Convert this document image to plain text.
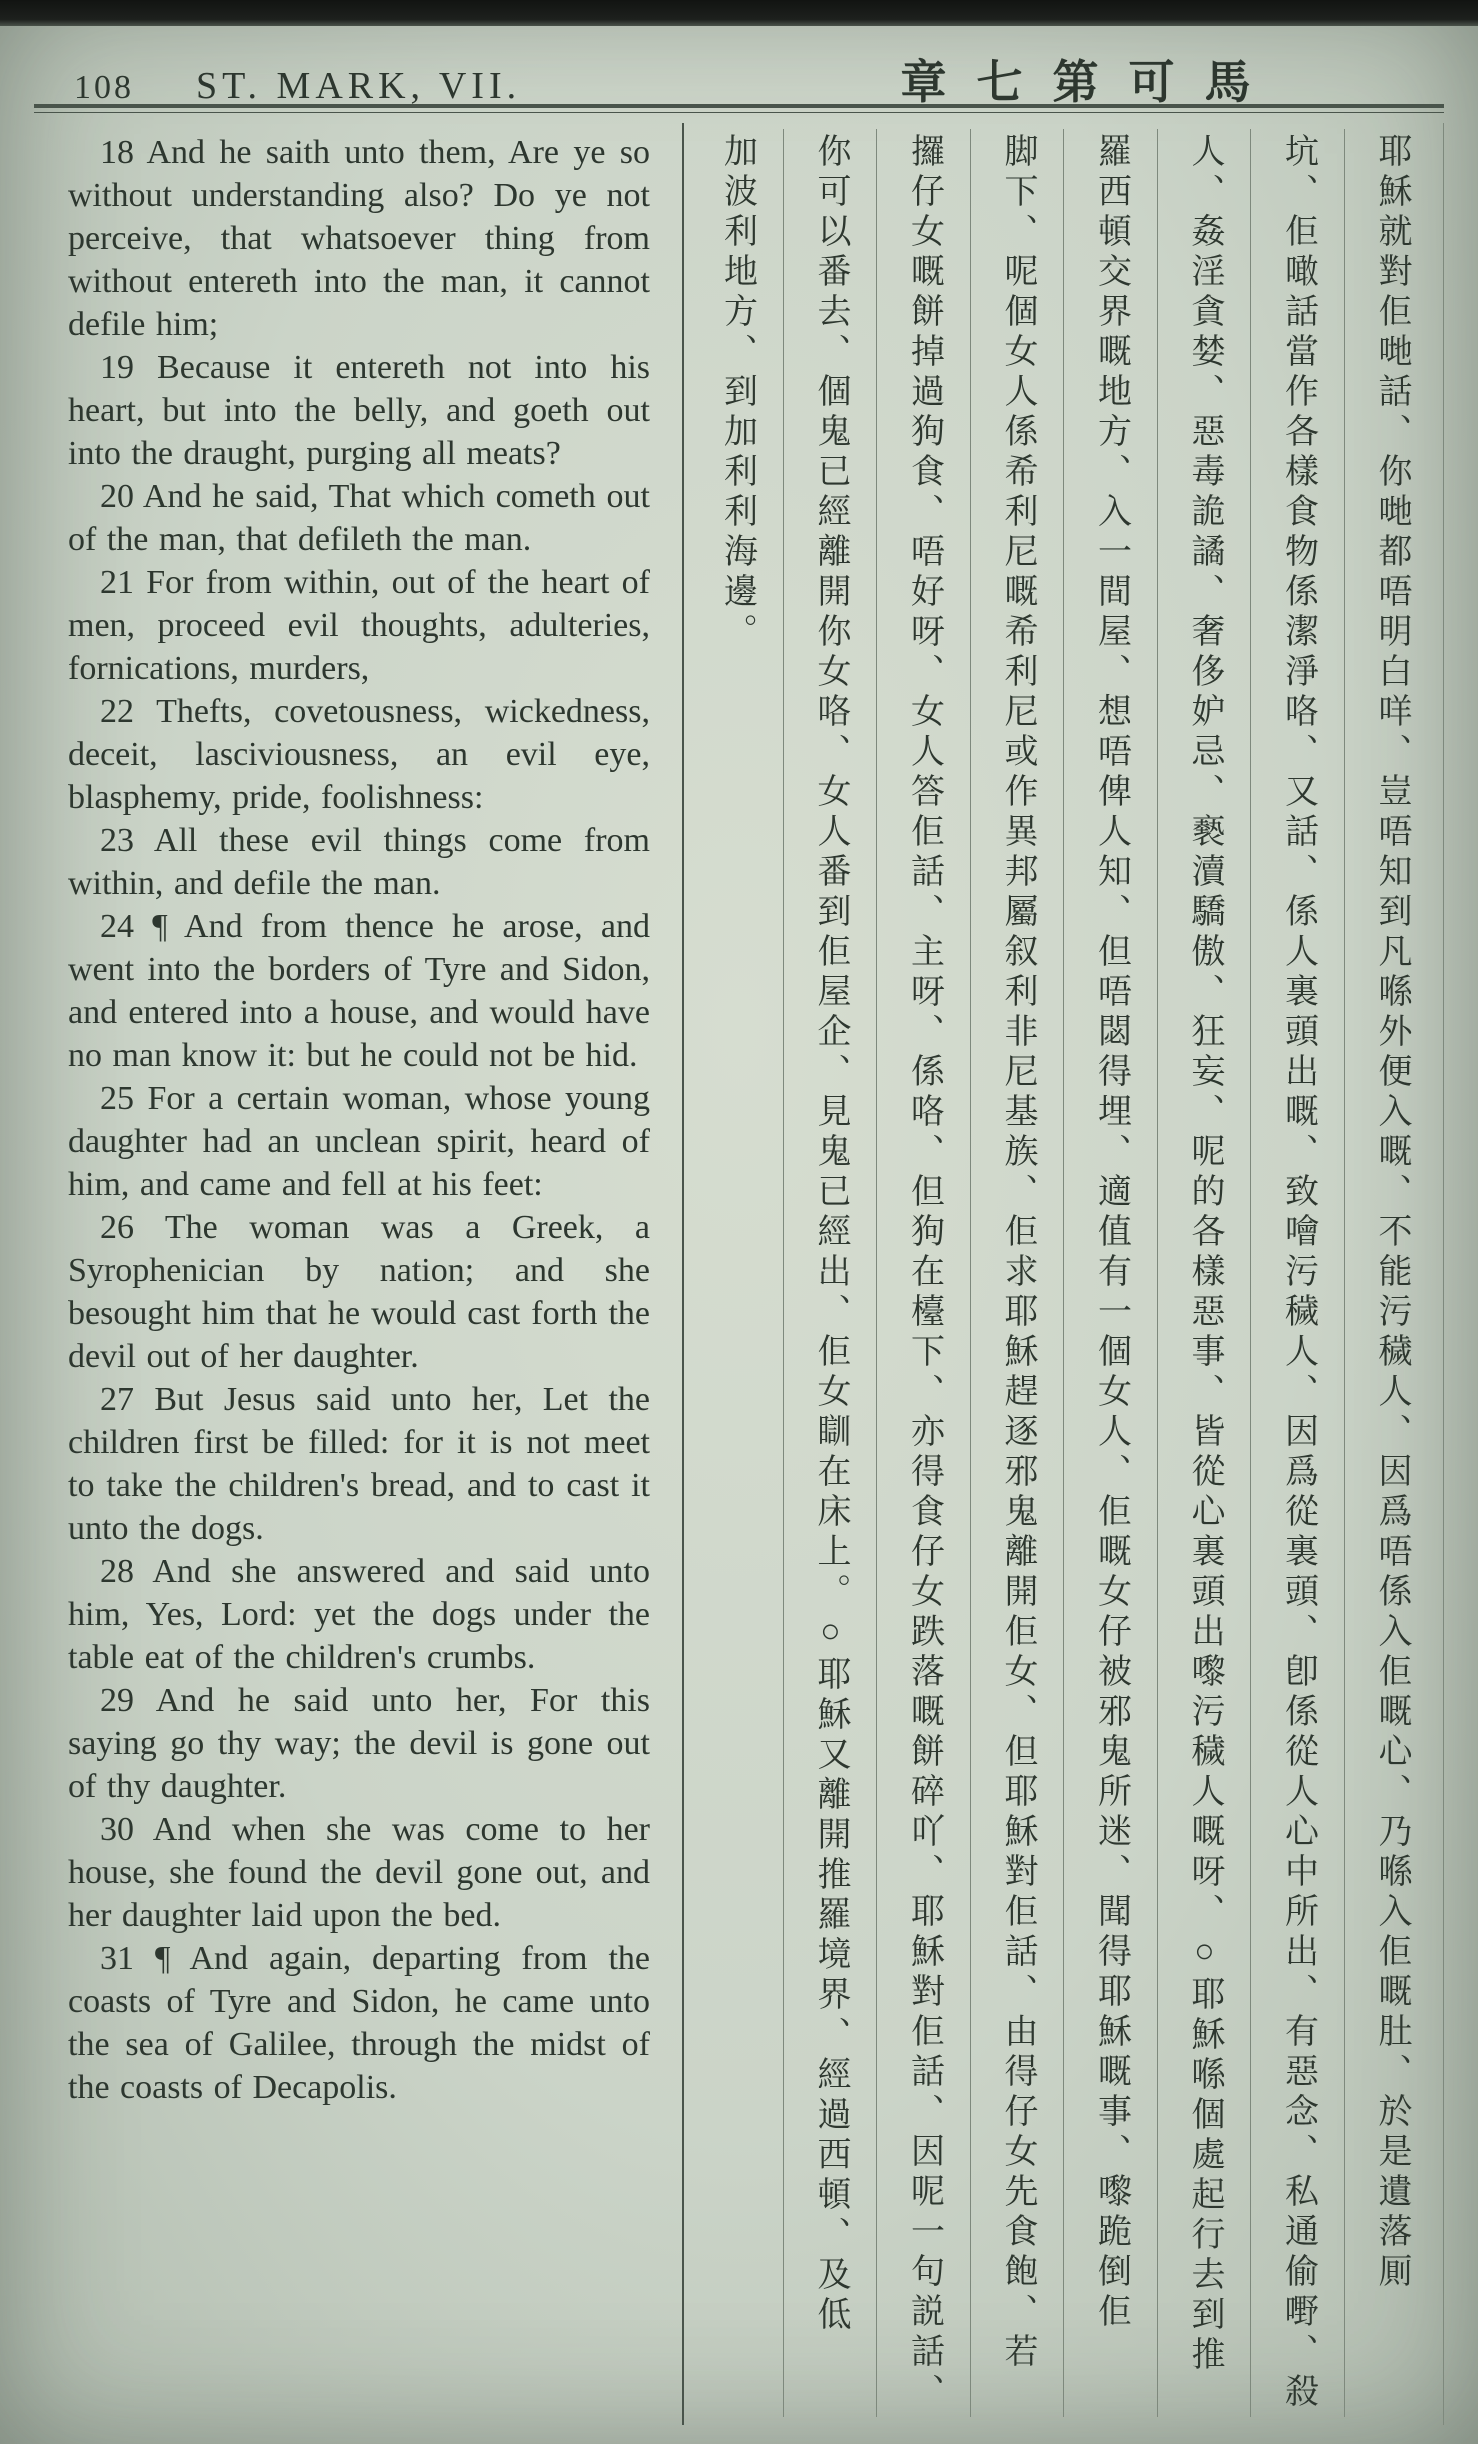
108 ST. MARK, VII.	章七第可馬

18 And he saith unto them, Are ye so without understanding also? Do ye not perceive, that whatsoever thing from without entereth into the man, it cannot defile him;

19 Because it entereth not into his heart, but into the belly, and goeth out into the draught, purging all meats?

20 And he said, That which cometh out of the man, that defileth the man.

21 For from within, out of the heart of men, proceed evil thoughts, adulteries, fornications, murders,

22 Thefts, covetousness, wickedness, deceit, lasciviousness, an evil eye, blasphemy, pride, foolishness:

23 All these evil things come from within, and defile the man.

24 ¶ And from thence he arose, and went into the borders of Tyre and Sidon, and entered into a house, and would have no man know it: but he could not be hid.

25 For a certain woman, whose young daughter had an unclean spirit, heard of him, and came and fell at his feet:

26 The woman was a Greek, a Syrophenician by nation; and she besought him that he would cast forth the devil out of her daughter.

27 But Jesus said unto her, Let the children first be filled: for it is not meet to take the children's bread, and to cast it unto the dogs.

28 And she answered and said unto him, Yes, Lord: yet the dogs under the table eat of the children's crumbs.

29 And he said unto her, For this saying go thy way; the devil is gone out of thy daughter.

30 And when she was come to her house, she found the devil gone out, and her daughter laid upon the bed.

31 ¶ And again, departing from the coasts of Tyre and Sidon, he came unto the sea of Galilee, through the midst of the coasts of Decapolis.	耶穌就對佢哋話、你哋都唔明白咩、豈唔知到凡喺外便入嘅、不能污穢人、因爲唔係入佢嘅心、乃喺入佢嘅肚、於是遺落厠
坑、佢噉話當作各樣食物係潔淨咯、又話、係人裏頭出嘅、致噲污穢人、因爲從裏頭、卽係從人心中所出、有惡念、私通偷嘢、殺
人、姦淫貪婪、惡毒詭譎、奢侈妒忌、褻瀆驕傲、狂妄、呢的各樣惡事、皆從心裏頭出嚟污穢人嘅呀、○耶穌喺個處起行去到推
羅西頓交界嘅地方、入一間屋、想唔俾人知、但唔閟得埋、適值有一個女人、佢嘅女仔被邪鬼所迷、聞得耶穌嘅事、嚟跪倒佢
脚下、呢個女人係希利尼嘅希利尼或作異邦屬叙利非尼基族、佢求耶穌趕逐邪鬼離開佢女、但耶穌對佢話、由得仔女先食飽、若
攞仔女嘅餅掉過狗食、唔好呀、女人答佢話、主呀、係咯、但狗在檯下、亦得食仔女跌落嘅餅碎吖、耶穌對佢話、因呢一句説話、
你可以番去、個鬼已經離開你女咯、女人番到佢屋企、見鬼已經出、佢女瞓在床上。○耶穌又離開推羅境界、經過西頓、及低
加波利地方、到加利利海邊。
